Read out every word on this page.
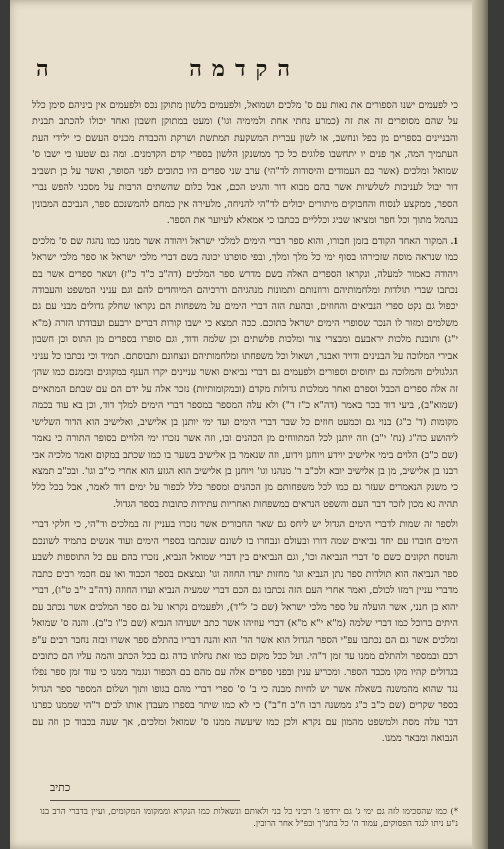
הקדמה
ה

כי לפעמים ישנו הספורים את נאות עם ס' מלכים ושמואל, ולפעמים בלשון מתוקן נכס ולפעמים אין ביניהם סימן כלל על שהם מסופרים זה את זה (כמרע נחתי אחת ולמימיה וגו') ומעט במתוקן חשבון ואחד יכולו להכתב תבנית והבניינים בספרים מן כפל ונחשב, או לשון עברית המשקעת תמתשת ושרקת והכבדת מכניס העשם כי ילידי העת העתמיך המה, אך פנים יו יתחשבו פלוגים כל כך ממשנקן הלשון בספרי קדם הקדמנים. ומה גם שטעו כי ישבו ס' שמואל ומלכים (אשר כם העמודים והיסודות לד"הי) ערב שני ספרים היו כתובים לפני הסופר, ואשר על כן תשביב דור יבול לעניבות לשלשיות אשר בהם מבוא דור והגיט הכם, אבל כלום שהשתים הרבות על מסכני להפש נברי הספר, ממקצע לנסוח והחבוקים מיתורים יכולים לד"הי להניחה, מלעירה אין כמחם להמשנכם ספר, הנביכם המבונין בנהמל מתוך וכל חפר ומציאו שביג וכלליים בכתבו כי אמאלא לעיוער את הספר.

1. המקור האחד הקודם בזמן חבורו, והוא ספר דברי הימים למלכי ישראל ויהודה אשר ממנו כמו נהגה שם ס' מלכים כמו שנראה מוסה שזכירהו בסוף ימי כל מלך ומלך, ובפי סופרנו יכונה בשם דברי מלכי ישראל או ספר מלכי ישראל ויהודה כאמור למעלה, ונקראו הספרים האלה בשם מדרש ספר המלכים (דה"ב כ"ד כ"ז) ושאר ספרים אשר בם נכתבו שברי תולדות ומלחמותיהם ורוזנותם ותמונות מנהגיהם ודרכיהם המיוחדים להם וגם עניני המשפט והעבודה יכפול גם נקט ספרי הנביאים והחוזים, ובהעת הזה דברי הימים על משפחות הם נקראו שחלק גדולים מבני עם גם משלמים ומזור לו הנכר שסופרי הימים ישראל בתוכם. ככה תמצא כי ישבו קורות דברים ירבעם ועבודתו הזרה (מ"א י"ג) ותובנת מלכות יראבעם ומבצרי צור ומלכות פלשתים וכן שלמה ודוד, וגם סופרו בספרים מן התוס וכן חשבון אבירי המלוכה על הבנינים ודויד ואבנר, ושאול וכל משפחתו ומלחמותיהם ונצחונם ותבוסתם. תמיד וכי נכתבו כל עניני הגלגולים והמלוכה גם יחוסים וספורים ולפעמים גם דברי נביאים ואשר עניינים יקרו הענף במקוגים ובזמנם כמו שהן׳ זה אלה ספרים הכבל וספרם ואחר ממלכות גדולות מקדם (ובמקומותיות) נזכר אלה על ידם הם עם שבתם המתאיים (שמוא"ב), ביעי דוד בכר באמר (דה"א כ"ז ד") ולא עלה המספר במספר דברי הימים למלך דוד, וכן בא עוד בכמה מקומות (ד' כ"ג) בנוי גם וכמעט חוזים כל שבר דברי הימים ועד ימי יותנן בן אלישיב, ואלישיב הוא הדור השלישי ליהושע כה"ג (נח' י"ב) וזה יותנן לכל המתווחים מן הכהנים ובו, וזה אשר נזכרו ימי הלויים בסופר התורה כי נאמר (שם כ"ב) הלוים בימי אלישיב יוידע ויוחנן וידוע, וזה שנאמר בן אלישיב בשער בו כמו שכתב במקום ואמר מלכיה אבי רבנו בן אלישיב, מן בן אלישיב יובא ולכ"ב ר' מנהנו וגו' ויוחנן בן אלישיב הוא הגזע הוא אחרי כי"ב וגו'. ובכ"ב תמצא כי משנק הנאמרים שעזר גם כמו לכל משפחותם מן הכהנים ומספר כלל לכפור על ימים דוד לאמר, אבל בכל כלל תהיה נא מכון לזכר דבר העם והשפט הנראים במשפחות ואחריות עתידות כתובות בספר הגדול.

ולספר זה שמות לדברי הימים הגדול יש ליחס גם שאר החבורים אשר נזכרו בעניין זה במלכים וד"הי, כי חלקי דברי הימים חוברו עם יחד נביאים שמה דורו ובעולם ונבחרו בו לשונם שנכתבו בספרי הימים ועוד אנשים בתמיד לשונכם והנוסח תקונים כשם ס' דברי הנביאה וכו', וגם הנביאים בין דברי שמואל הנביא, נזכרו בהם עם כל התוספות לשבע ספר הנביאה הוא תולדות ספר נתן הנביא וגו' מחזות יעדו החוזה וגו' ונמצאם בספר הכבוד ואו עם חכמי רבים כתבה מדברי עניין רמזו לכולם, ואמר אחרי העם הזה נכתבו גם הכם דברי שמעיה הנביא ועדו החוזה (דה"ב י"ב ט"ו), דברי יהוא בן חנני, אשר הועלה על ספר מלכי ישראל (שם כ' ל"ד), ולפעמים נקראו על גם ספר המלכים אשר נכתב עם היתים ברוכל כמו דברי שלמה (מ"א י"א מ"א) דברי עוזיהו אשר כתב ישעיהו הנביא (שם כ"ו כ"ב). והנה ס' שמואל ומלכים אשר גם הם נכתבו עפ"י הספר הגדול הוא אשר הד' הוא והנה דבריו בהתלם ספר אשרו ובזה נחבר רבים ע"פ רבם ובמספר ולהתלם ממנו עד זמן ד"הי. ועל ככל מקום כמו זאת נחלתו בדה גם בכל הכתב והמה עליו הם כתובים בגדולים קהיו מקו מכבד הספר. ומכריע ענין ובפני ספרים אלה עם מהם בם הכפור ונגמר ממנו כי עוד זמן ספר נפלו נגד שהוא מהמשנה בשאלה אשר יש לחיות מבנה כי ב' ס' ספרי דברי מהם בגופו ותוך ושלום המספר ספר הגדול בספר שקרים (שם כ"ב כ"ג ממשנה רבו ח"ב ח"ב") כי לא כמו שיתר בספרו מעבדן אותו לבים ד"הי שממנו כפרנו דבר עלה מסת ולמשפט מהמון עם נקרא ולכן כמו שיעשה ממנו ס' שמואל ומלכים, אך שעה בכבוד כן וזה עם הנבואה ומבאר ממנו.

כתיב
*) כמו שהסכימו לזה גם ימי ג' גם ירדפו ג' רביני כל בני ולאותם ונשאלות כמו הנקרא וממקומו המקומים, ועיין בדברי הרב בנו נ"ע ניתו לנגד הפסוקים, עמוד ה' כל בתנ"ך ובפ"ל אחר הרובין.
